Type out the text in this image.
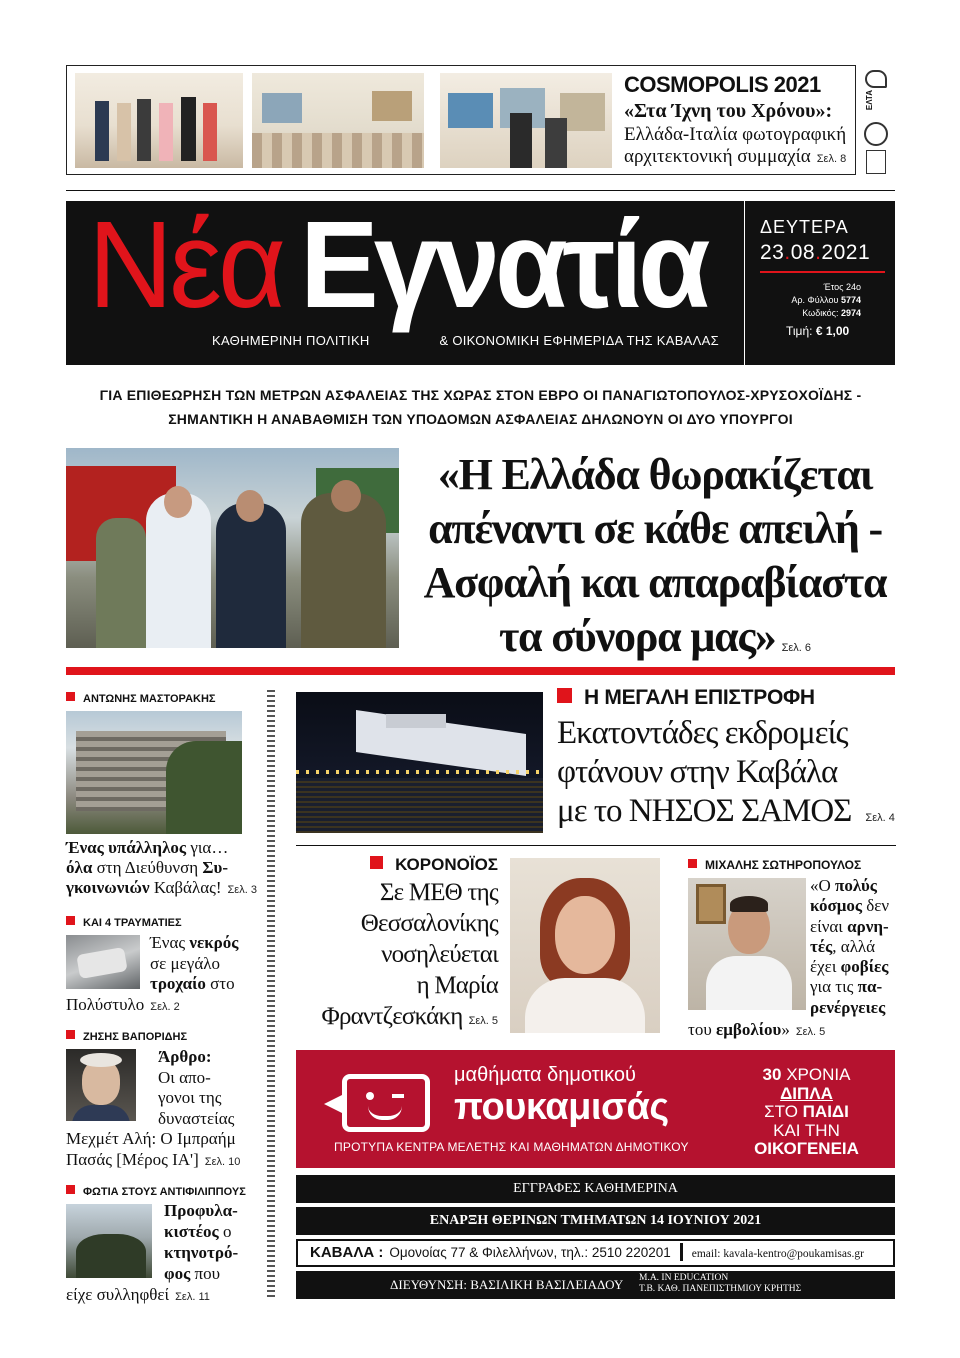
COSMOPOLIS 2021
«Στα Ίχνη του Χρόνου»:
Ελλάδα-Ιταλία φωτογραφική
αρχιτεκτονική συμμαχία Σελ. 8
ΕΛΤΑ
Νέα Εγνατία
ΚΑΘΗΜΕΡΙΝΗ ΠΟΛΙΤΙΚΗ	& ΟΙΚΟΝΟΜΙΚΗ ΕΦΗΜΕΡΙΔΑ ΤΗΣ ΚΑΒΑΛΑΣ
ΔΕΥΤΕΡΑ
23.08.2021
Έτος 24ο
Αρ. Φύλλου 5774
Κωδικός: 2974
Τιμή: € 1,00
ΓΙΑ ΕΠΙΘΕΩΡΗΣΗ ΤΩΝ ΜΕΤΡΩΝ ΑΣΦΑΛΕΙΑΣ ΤΗΣ ΧΩΡΑΣ ΣΤΟΝ ΕΒΡΟ ΟΙ ΠΑΝΑΓΙΩΤΟΠΟΥΛΟΣ-ΧΡΥΣΟΧΟΪΔΗΣ -
ΣΗΜΑΝΤΙΚΗ Η ΑΝΑΒΑΘΜΙΣΗ ΤΩΝ ΥΠΟΔΟΜΩΝ ΑΣΦΑΛΕΙΑΣ ΔΗΛΩΝΟΥΝ ΟΙ ΔΥΟ ΥΠΟΥΡΓΟΙ
«Η Ελλάδα θωρακίζεται
απέναντι σε κάθε απειλή -
Ασφαλή και απαραβίαστα
τα σύνορα μας» Σελ. 6
ΑΝΤΩΝΗΣ ΜΑΣΤΟΡΑΚΗΣ
Ένας υπάλληλος για…
όλα στη Διεύθυνση Συ-
γκοινωνιών Καβάλας! Σελ. 3
ΚΑΙ 4 ΤΡΑΥΜΑΤΙΕΣ
Ένας νεκρός
σε μεγάλο
τροχαίο στο
Πολύστυλο Σελ. 2
ΖΗΣΗΣ ΒΑΠΟΡΙΔΗΣ
Άρθρο:
Οι απο-
γονοι της
δυναστείας
Μεχμέτ Αλή: Ο Ιμπραήμ
Πασάς [Μέρος ΙΑ'] Σελ. 10
ΦΩΤΙΑ ΣΤΟΥΣ ΑΝΤΙΦΙΛΙΠΠΟΥΣ
Προφυλα-
κιστέος ο
κτηνοτρό-
φος που
είχε συλληφθεί Σελ. 11
Η ΜΕΓΑΛΗ ΕΠΙΣΤΡΟΦΗ
Εκατοντάδες εκδρομείς
φτάνουν στην Καβάλα
με το ΝΗΣΟΣ ΣΑΜΟΣ Σελ. 4
ΚΟΡΟΝΟΪΟΣ
Σε ΜΕΘ της
Θεσσαλονίκης
νοσηλεύεται
η Μαρία
Φραντζεσκάκη Σελ. 5
ΜΙΧΑΛΗΣ ΣΩΤΗΡΟΠΟΥΛΟΣ
«Ο πολύς
κόσμος δεν
είναι αρνη-
τές, αλλά
έχει φοβίες
για τις πα-
ρενέργειες
του εμβολίου» Σελ. 5
μαθήματα δημοτικού
πουκαμισάς
ΠΡΟΤΥΠΑ ΚΕΝΤΡΑ ΜΕΛΕΤΗΣ ΚΑΙ ΜΑΘΗΜΑΤΩΝ ΔΗΜΟΤΙΚΟΥ
30 ΧΡΟΝΙΑ
ΔΙΠΛΑ
ΣΤΟ ΠΑΙΔΙ
ΚΑΙ ΤΗΝ
ΟΙΚΟΓΕΝΕΙΑ
ΕΓΓΡΑΦΕΣ ΚΑΘΗΜΕΡΙΝΑ
ΕΝΑΡΞΗ ΘΕΡΙΝΩΝ ΤΜΗΜΑΤΩΝ 14 ΙΟΥΝΙΟΥ 2021
ΚΑΒΑΛΑ : Ομονοίας 77 & Φιλελλήνων, τηλ.: 2510 220201 email: kavala-kentro@poukamisas.gr
ΔΙΕΥΘΥΝΣΗ: ΒΑΣΙΛΙΚΗ ΒΑΣΙΛΕΙΑΔΟΥ M.A. IN EDUCATION
Τ.Β. ΚΑΘ. ΠΑΝΕΠΙΣΤΗΜΙΟΥ ΚΡΗΤΗΣ
